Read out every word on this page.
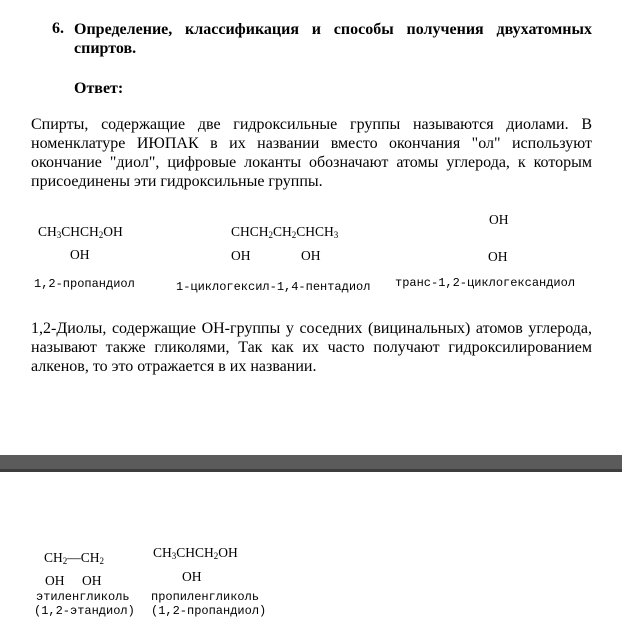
6. Определение, классификация и способы получения двухатомных спиртов.
Ответ:
Спирты, содержащие две гидроксильные группы называются диолами. В номенклатуре ИЮПАК в их названии вместо окончания "ол" используют окончание "диол", цифровые локанты обозначают атомы углерода, к которым присоединены эти гидроксильные группы.
$CH_3CHCH_2OH$
OH
1,2-пропандиол
$CHCH_2CH_2CHCH_3$
OH	OH
1-циклогексил-1,4-пентадиол
OH
OH
транс-1,2-циклогександиол
1,2-Диолы, содержащие ОН-группы у соседних (вицинальных) атомов углерода, называют также гликолями, Так как их часто получают гидроксилированием алкенов, то это отражается в их названии.
$CH_2—CH_2$
OH OH
этиленгликоль
(1,2-этандиол)
$CH_3CHCH_2OH$
OH
пропиленгликоль
(1,2-пропандиол)
